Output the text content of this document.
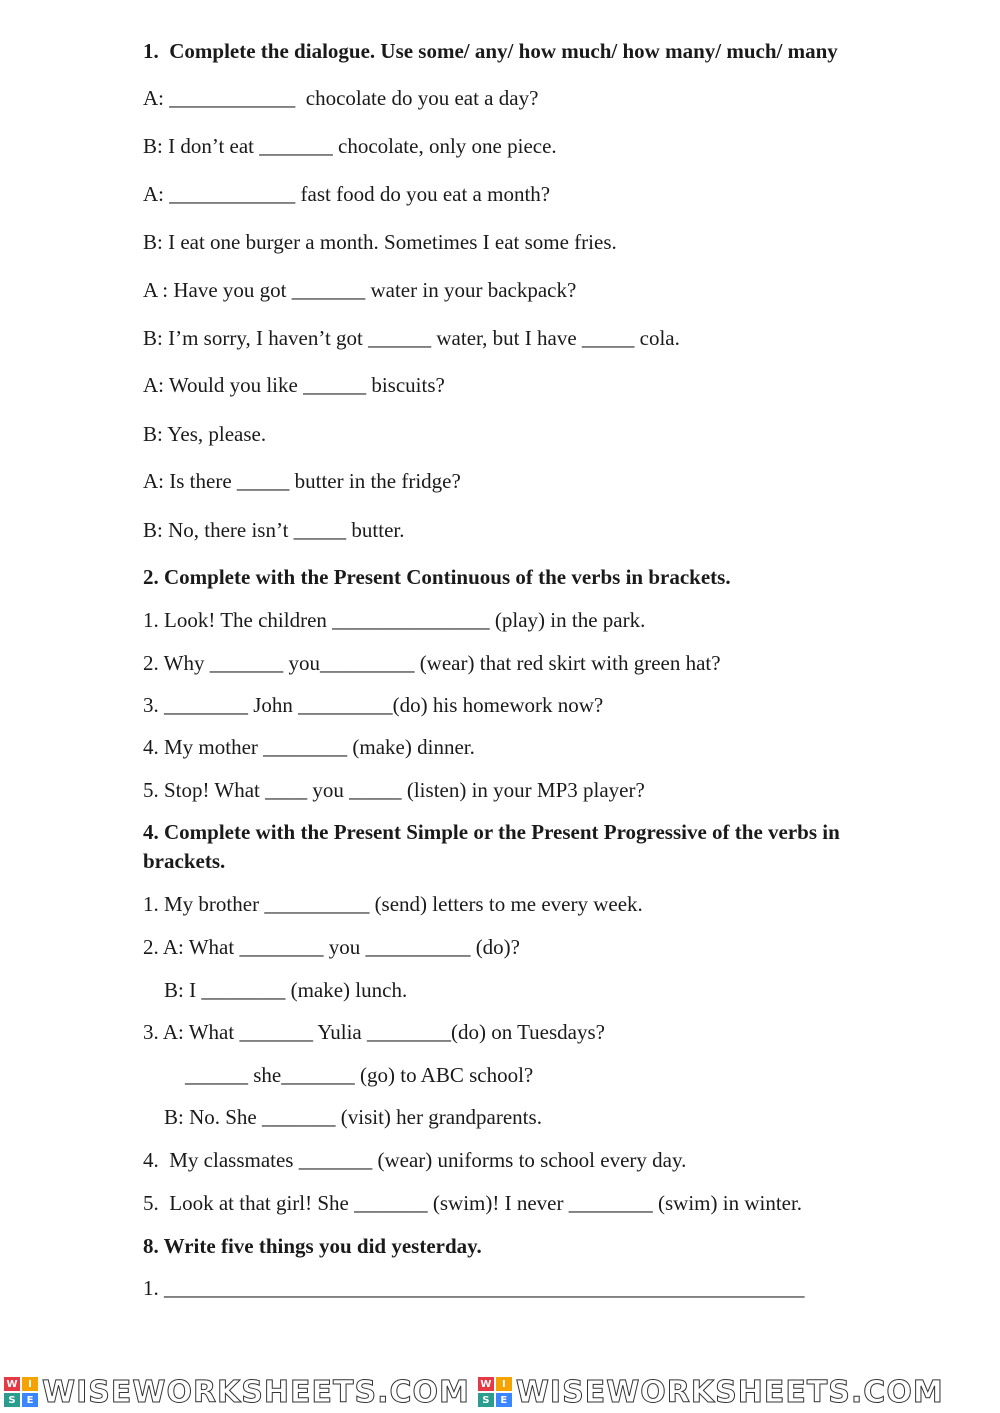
1.  Complete the dialogue. Use some/ any/ how much/ how many/ much/ many

A: ____________  chocolate do you eat a day?

B: I don’t eat _______ chocolate, only one piece.

A: ____________ fast food do you eat a month?

B: I eat one burger a month. Sometimes I eat some fries.

A : Have you got _______ water in your backpack?

B: I’m sorry, I haven’t got ______ water, but I have _____ cola.

A: Would you like ______ biscuits?

B: Yes, please.

A: Is there _____ butter in the fridge?

B: No, there isn’t _____ butter.

2. Complete with the Present Continuous of the verbs in brackets.

1. Look! The children _______________ (play) in the park.

2. Why _______ you_________ (wear) that red skirt with green hat?

3. ________ John _________(do) his homework now?

4. My mother ________ (make) dinner.

5. Stop! What ____ you _____ (listen) in your MP3 player?

4. Complete with the Present Simple or the Present Progressive of the verbs in brackets.

1. My brother __________ (send) letters to me every week.

2. A: What ________ you __________ (do)?

B: I ________ (make) lunch.

3. A: What _______ Yulia ________(do) on Tuesdays?

______ she_______ (go) to ABC school?

B: No. She _______ (visit) her grandparents.

4.  My classmates _______ (wear) uniforms to school every day.

5.  Look at that girl! She _______ (swim)! I never ________ (swim) in winter.

8. Write five things you did yesterday.

1. _____________________________________________________________

W	I
S	E WISEWORKSHEETS.COM W	I
S	E WISEWORKSHEETS.COM
